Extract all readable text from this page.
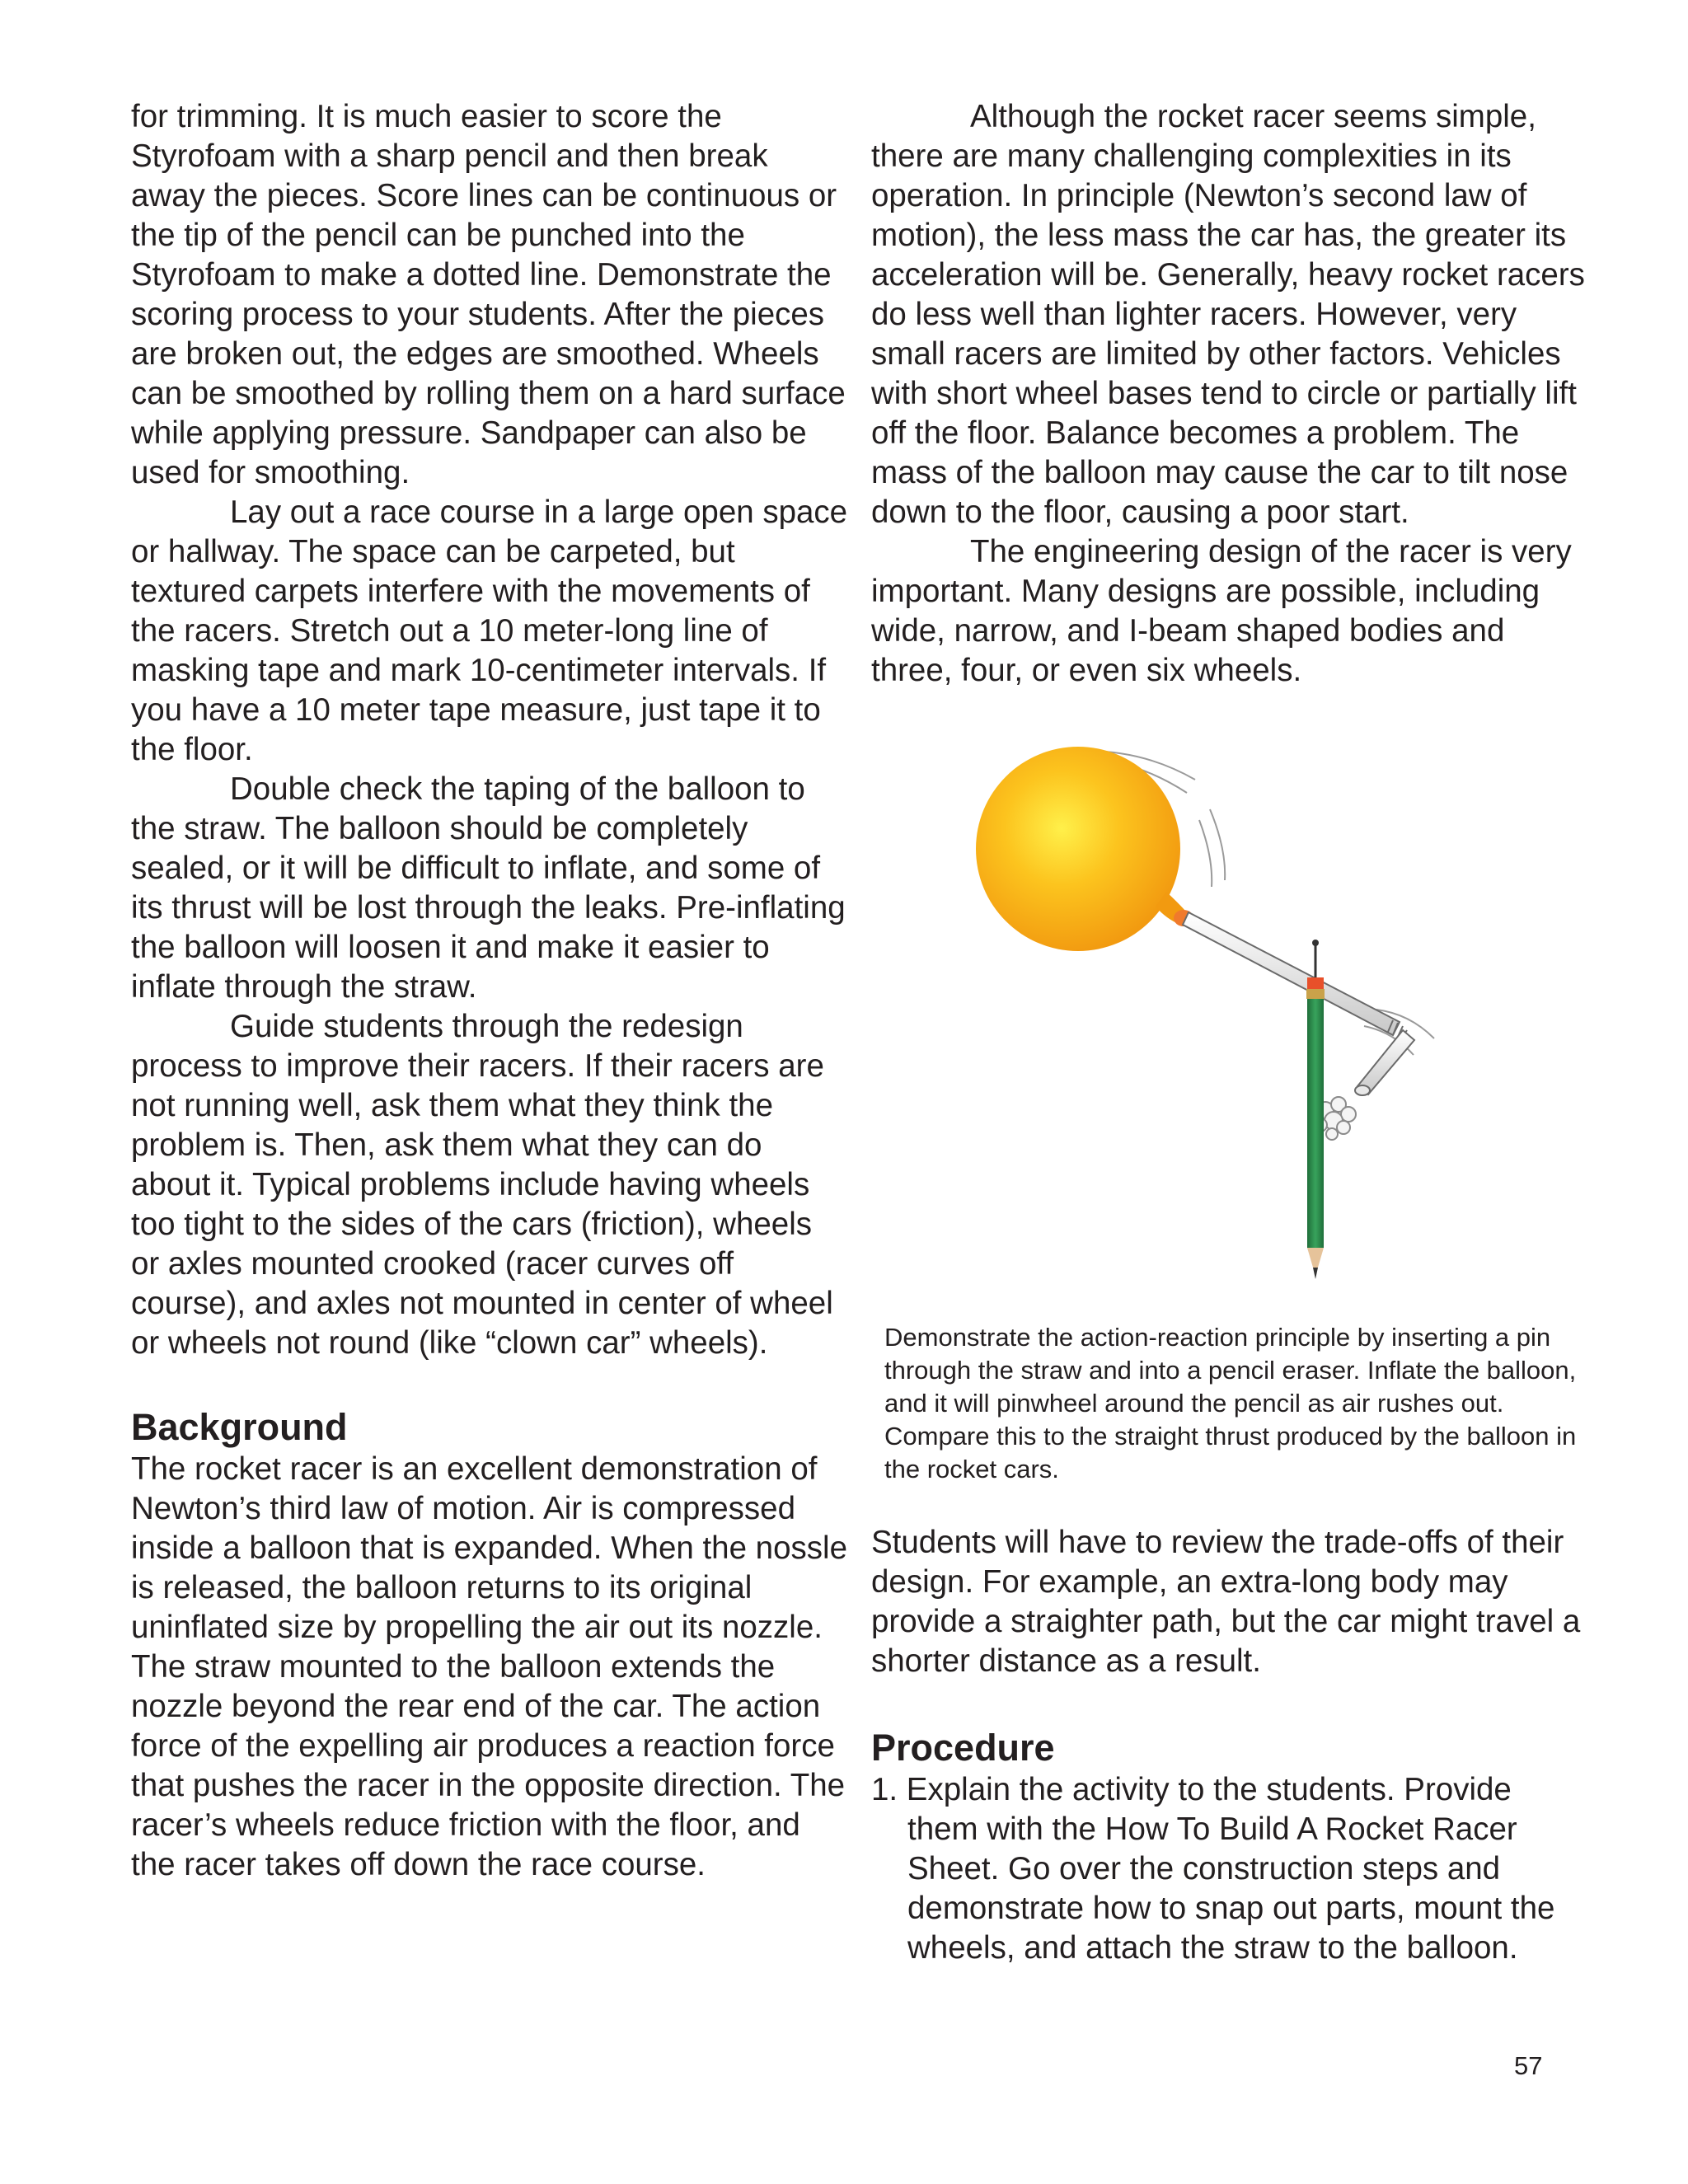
for trimming. It is much easier to score the Styrofoam with a sharp pencil and then break away the pieces. Score lines can be continuous or the tip of the pencil can be punched into the Styrofoam to make a dotted line. Demonstrate the scoring process to your students. After the pieces are broken out, the edges are smoothed. Wheels can be smoothed by rolling them on a hard surface while applying pressure. Sandpaper can also be used for smoothing.

Lay out a race course in a large open space or hallway. The space can be carpeted, but textured carpets interfere with the movements of the racers. Stretch out a 10 meter-long line of masking tape and mark 10-centimeter intervals. If you have a 10 meter tape measure, just tape it to the floor.

Double check the taping of the balloon to the straw. The balloon should be completely sealed, or it will be difficult to inflate, and some of its thrust will be lost through the leaks. Pre-inflating the balloon will loosen it and make it easier to inflate through the straw.

Guide students through the redesign process to improve their racers. If their racers are not running well, ask them what they think the problem is. Then, ask them what they can do about it. Typical problems include having wheels too tight to the sides of the cars (friction), wheels or axles mounted crooked (racer curves off course), and axles not mounted in center of wheel or wheels not round (like “clown car” wheels).

Background

The rocket racer is an excellent demonstration of Newton’s third law of motion. Air is compressed inside a balloon that is expanded. When the nossle is released, the balloon returns to its original uninflated size by propelling the air out its nozzle. The straw mounted to the balloon extends the nozzle beyond the rear end of the car. The action force of the expelling air produces a reaction force that pushes the racer in the opposite direction. The racer’s wheels reduce friction with the floor, and the racer takes off down the race course.

Although the rocket racer seems simple, there are many challenging complexities in its operation. In principle (Newton’s second law of motion), the less mass the car has, the greater its acceleration will be. Generally, heavy rocket racers do less well than lighter racers. However, very small racers are limited by other factors. Vehicles with short wheel bases tend to circle or partially lift off the floor. Balance becomes a problem. The mass of the balloon may cause the car to tilt nose down to the floor, causing a poor start.

The engineering design of the racer is very important. Many designs are possible, including wide, narrow, and I-beam shaped bodies and three, four, or even six wheels.

Demonstrate the action-reaction principle by inserting a pin through the straw and into a pencil eraser. Inflate the balloon, and it will pinwheel around the pencil as air rushes out. Compare this to the straight thrust produced by the balloon in the rocket cars.

Students will have to review the trade-offs of their design. For example, an extra-long body may provide a straighter path, but the car might travel a shorter distance as a result.

Procedure
1. Explain the activity to the students. Provide them with the How To Build A Rocket Racer Sheet. Go over the construction steps and demonstrate how to snap out parts, mount the wheels, and attach the straw to the balloon.
57
